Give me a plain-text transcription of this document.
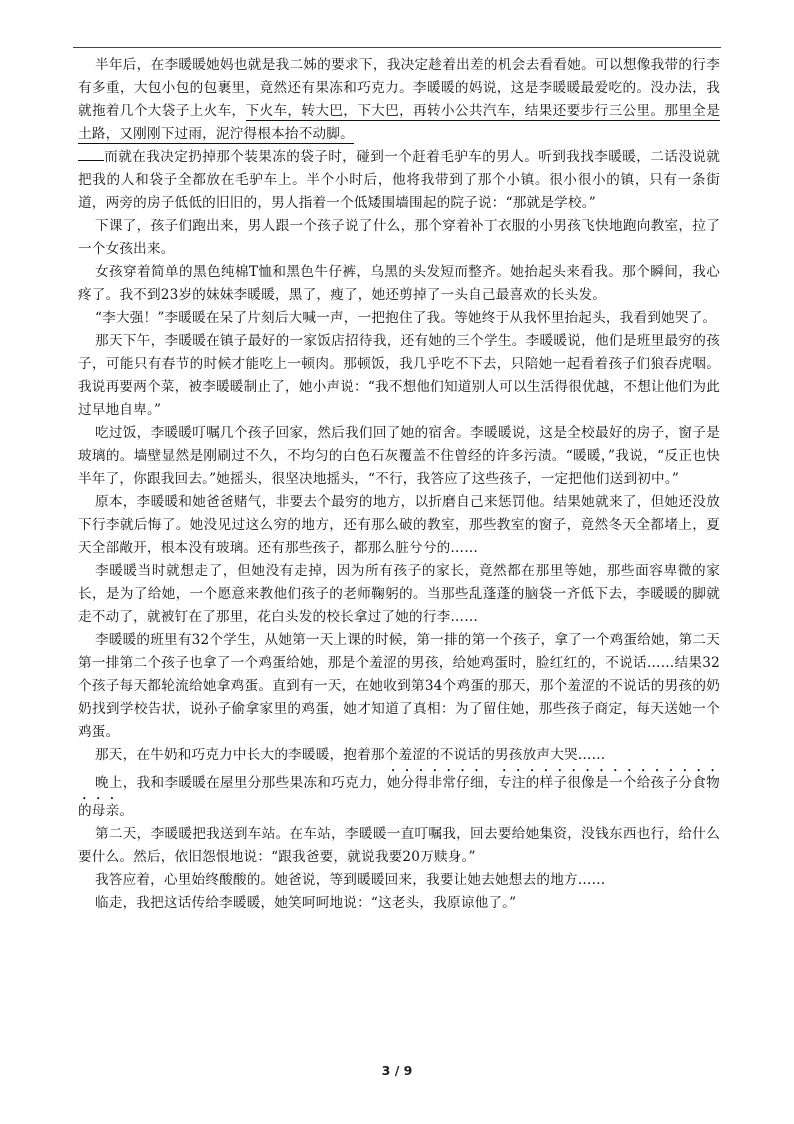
半年后，在李暖暖她妈也就是我二姊的要求下，我决定趁着出差的机会去看看她。可以想像我带的行李有多重，大包小包的包裹里，竟然还有果冻和巧克力。李暖暖的妈说，这是李暖暖最爱吃的。没办法，我就拖着几个大袋子上火车，下火车，转大巴，下大巴，再转小公共汽车，结果还要步行三公里。那里全是土路，又刚刚下过雨，泥泞得根本抬不动脚。

而就在我决定扔掉那个装果冻的袋子时，碰到一个赶着毛驴车的男人。听到我找李暖暖，二话没说就把我的人和袋子全都放在毛驴车上。半个小时后，他将我带到了那个小镇。很小很小的镇，只有一条街道，两旁的房子低低的旧旧的，男人指着一个低矮围墙围起的院子说：“那就是学校。”

下课了，孩子们跑出来，男人跟一个孩子说了什么，那个穿着补丁衣服的小男孩飞快地跑向教室，拉了一个女孩出来。

女孩穿着简单的黑色纯棉T恤和黑色牛仔裤，乌黑的头发短而整齐。她抬起头来看我。那个瞬间，我心疼了。我不到23岁的妹妹李暖暖，黑了，瘦了，她还剪掉了一头自己最喜欢的长头发。

“李大强！”李暖暖在呆了片刻后大喊一声，一把抱住了我。等她终于从我怀里抬起头，我看到她哭了。

那天下午，李暖暖在镇子最好的一家饭店招待我，还有她的三个学生。李暖暖说，他们是班里最穷的孩子，可能只有春节的时候才能吃上一顿肉。那顿饭，我几乎吃不下去，只陪她一起看着孩子们狼吞虎咽。我说再要两个菜，被李暖暖制止了，她小声说：“我不想他们知道别人可以生活得很优越，不想让他们为此过早地自卑。”

吃过饭，李暖暖叮嘱几个孩子回家，然后我们回了她的宿舍。李暖暖说，这是全校最好的房子，窗子是玻璃的。墙壁显然是刚刷过不久，不均匀的白色石灰覆盖不住曾经的许多污渍。“暖暖，”我说，“反正也快半年了，你跟我回去。”她摇头，很坚决地摇头，“不行，我答应了这些孩子，一定把他们送到初中。”

原本，李暖暖和她爸爸赌气，非要去个最穷的地方，以折磨自己来惩罚他。结果她就来了，但她还没放下行李就后悔了。她没见过这么穷的地方，还有那么破的教室，那些教室的窗子，竟然冬天全都堵上，夏天全部敞开，根本没有玻璃。还有那些孩子，都那么脏兮兮的……

李暖暖当时就想走了，但她没有走掉，因为所有孩子的家长，竟然都在那里等她，那些面容卑微的家长，是为了给她，一个愿意来教他们孩子的老师鞠躬的。当那些乱蓬蓬的脑袋一齐低下去，李暖暖的脚就走不动了，就被钉在了那里，花白头发的校长拿过了她的行李……

李暖暖的班里有32个学生，从她第一天上课的时候，第一排的第一个孩子，拿了一个鸡蛋给她，第二天第一排第二个孩子也拿了一个鸡蛋给她，那是个羞涩的男孩，给她鸡蛋时，脸红红的，不说话……结果32个孩子每天都轮流给她拿鸡蛋。直到有一天，在她收到第34个鸡蛋的那天，那个羞涩的不说话的男孩的奶奶找到学校告状，说孙子偷拿家里的鸡蛋，她才知道了真相：为了留住她，那些孩子商定，每天送她一个鸡蛋。

那天，在牛奶和巧克力中长大的李暖暖，抱着那个羞涩的不说话的男孩放声大哭……

晚上，我和李暖暖在屋里分那些果冻和巧克力，她分得非常仔细，专注的样子很像是一个给孩子分食物的母亲。

第二天，李暖暖把我送到车站。在车站，李暖暖一直叮嘱我，回去要给她集资，没钱东西也行，给什么要什么。然后，依旧怨恨地说：“跟我爸要，就说我要20万赎身。”

我答应着，心里始终酸酸的。她爸说，等到暖暖回来，我要让她去她想去的地方……

临走，我把这话传给李暖暖，她笑呵呵地说：“这老头，我原谅他了。”

3 / 9
